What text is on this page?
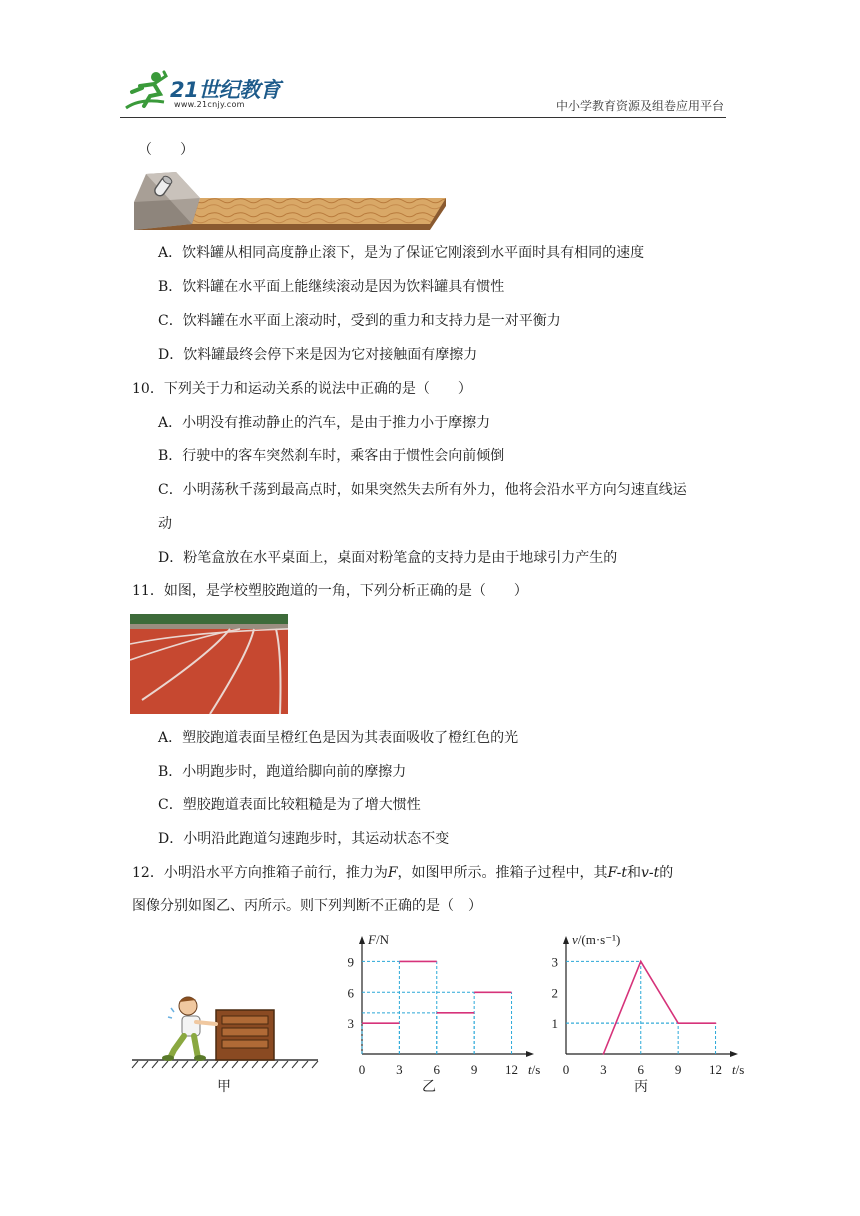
21世纪教育
www.21cnjy.com	中小学教育资源及组卷应用平台
（　　）
A．饮料罐从相同高度静止滚下，是为了保证它刚滚到水平面时具有相同的速度
B．饮料罐在水平面上能继续滚动是因为饮料罐具有惯性
C．饮料罐在水平面上滚动时，受到的重力和支持力是一对平衡力
D．饮料罐最终会停下来是因为它对接触面有摩擦力
10．下列关于力和运动关系的说法中正确的是（　　）
A．小明没有推动静止的汽车，是由于推力小于摩擦力
B．行驶中的客车突然刹车时，乘客由于惯性会向前倾倒
C．小明荡秋千荡到最高点时，如果突然失去所有外力，他将会沿水平方向匀速直线运
动
D．粉笔盒放在水平桌面上，桌面对粉笔盒的支持力是由于地球引力产生的
11．如图，是学校塑胶跑道的一角，下列分析正确的是（　　）
A．塑胶跑道表面呈橙红色是因为其表面吸收了橙红色的光
B．小明跑步时，跑道给脚向前的摩擦力
C．塑胶跑道表面比较粗糙是为了增大惯性
D．小明沿此跑道匀速跑步时，其运动状态不变
12．小明沿水平方向推箱子前行，推力为F，如图甲所示。推箱子过程中，其F-t和v-t的
图像分别如图乙、丙所示。则下列判断不正确的是（　）
甲
F/N
t/s
0 3 6 9 12
3
6
9
乙
v/(m·s⁻¹)
t/s
0 3 6 9 12
1
2
3
丙
